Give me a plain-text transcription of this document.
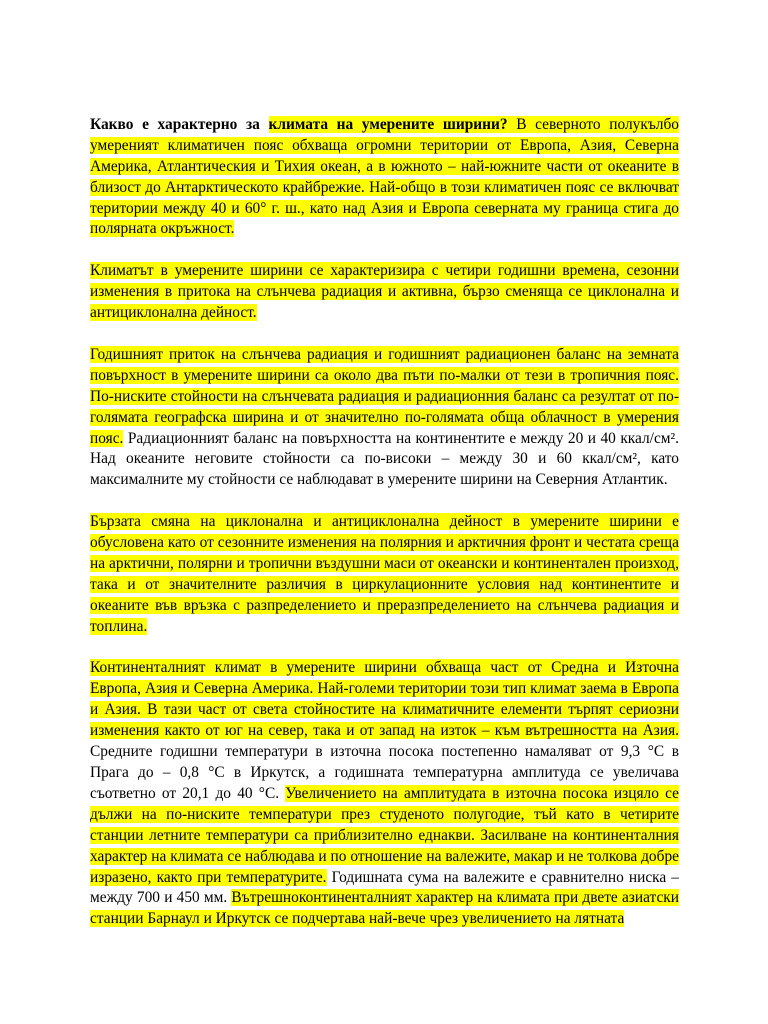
Какво е характерно за климата на умерените ширини? В северното полукълбо умереният климатичен пояс обхваща огромни територии от Европа, Азия, Северна Америка, Атлантическия и Тихия океан, а в южното – най-южните части от океаните в близост до Антарктическото крайбрежие. Най-общо в този климатичен пояс се включват територии между 40 и 60° г. ш., като над Азия и Европа северната му граница стига до полярната окръжност.

Климатът в умерените ширини се характеризира с четири годишни времена, сезонни изменения в притока на слънчева радиация и активна, бързо сменяща се циклонална и антициклонална дейност.

Годишният приток на слънчева радиация и годишният радиационен баланс на земната повърхност в умерените ширини са около два пъти по-малки от тези в тропичния пояс. По-ниските стойности на слънчевата радиация и радиационния баланс са резултат от по-голямата географска ширина и от значително по-голямата обща облачност в умерения пояс. Радиационният баланс на повърхността на континентите е между 20 и 40 ккал/см². Над океаните неговите стойности са по-високи – между 30 и 60 ккал/см², като максималните му стойности се наблюдават в умерените ширини на Северния Атлантик.

Бързата смяна на циклонална и антициклонална дейност в умерените ширини е обусловена като от сезонните изменения на полярния и арктичния фронт и честата среща на арктични, полярни и тропични въздушни маси от океански и континентален произход, така и от значителните различия в циркулационните условия над континентите и океаните във връзка с разпределението и преразпределението на слънчева радиация и топлина.

Континенталният климат в умерените ширини обхваща част от Средна и Източна Европа, Азия и Северна Америка. Най-големи територии този тип климат заема в Европа и Азия. В тази част от света стойностите на климатичните елементи търпят сериозни изменения както от юг на север, така и от запад на изток – към вътрешността на Азия. Средните годишни температури в източна посока постепенно намаляват от 9,3 °C в Прага до – 0,8 °C в Иркутск, а годишната температурна амплитуда се увеличава съответно от 20,1 до 40 °C. Увеличението на амплитудата в източна посока изцяло се дължи на по-ниските температури през студеното полугодие, тъй като в четирите станции летните температури са приблизително еднакви. Засилване на континенталния характер на климата се наблюдава и по отношение на валежите, макар и не толкова добре изразено, както при температурите. Годишната сума на валежите е сравнително ниска – между 700 и 450 мм. Вътрешноконтиненталният характер на климата при двете азиатски станции Барнаул и Иркутск се подчертава най-вече чрез увеличението на лятната
